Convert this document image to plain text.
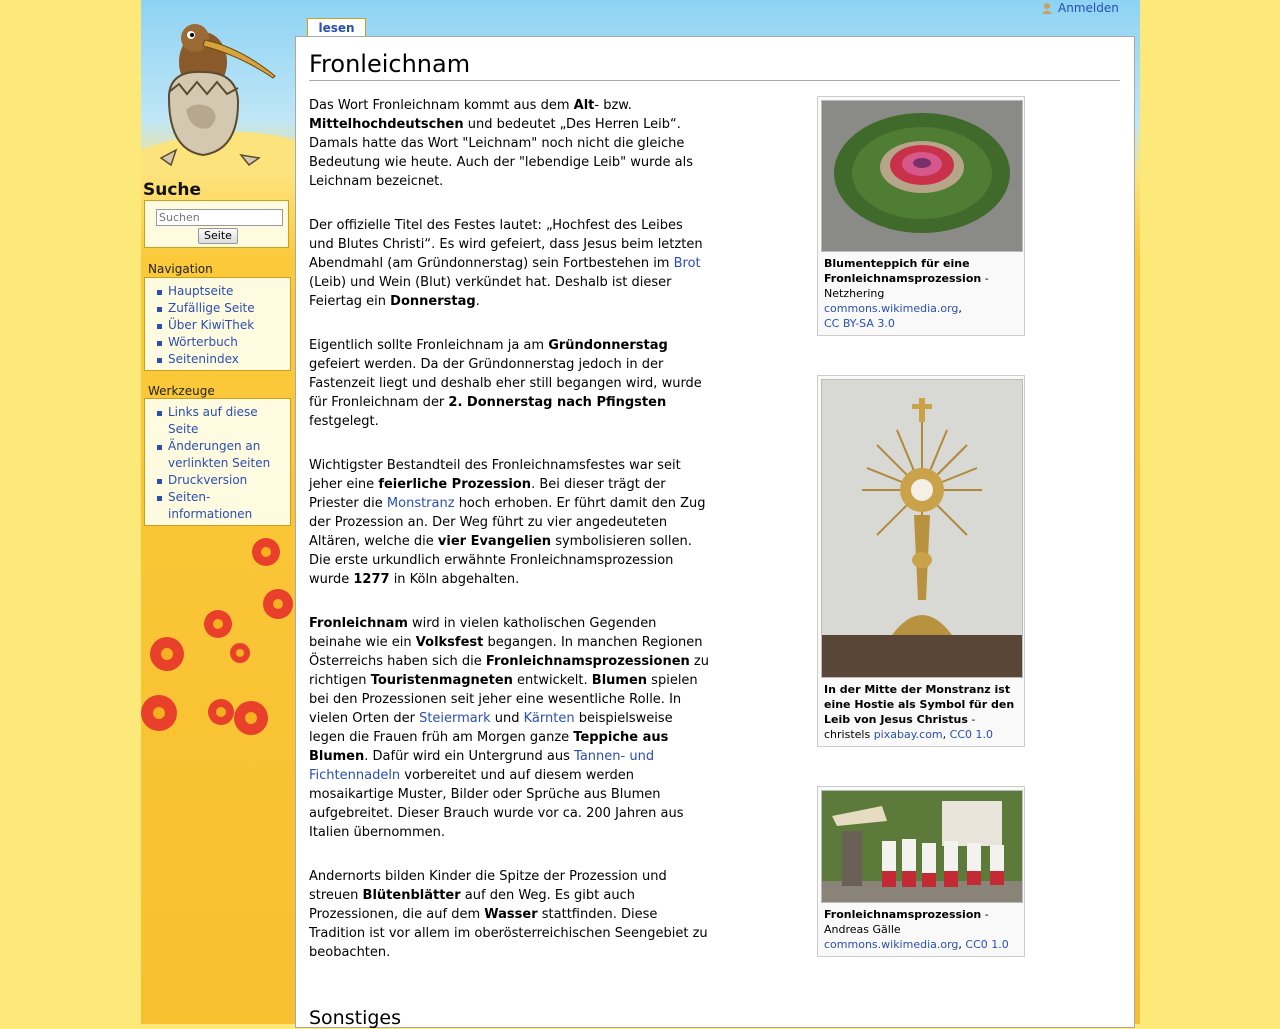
Suche
Suchen
Seite
Navigation
Hauptseite
Zufällige Seite
Über KiwiThek
Wörterbuch
Seitenindex
Werkzeuge
Links auf diese Seite
Änderungen an verlinkten Seiten
Druckversion
Seiten-informationen
lesen
Anmelden
Fronleichnam

Das Wort Fronleichnam kommt aus dem Alt- bzw. Mittelhochdeutschen und bedeutet „Des Herren Leib“. Damals hatte das Wort "Leichnam" noch nicht die gleiche Bedeutung wie heute. Auch der "lebendige Leib" wurde als Leichnam bezeicnet.

Der offizielle Titel des Festes lautet: „Hochfest des Leibes und Blutes Christi“. Es wird gefeiert, dass Jesus beim letzten Abendmahl (am Gründonnerstag) sein Fortbestehen im Brot (Leib) und Wein (Blut) verkündet hat. Deshalb ist dieser Feiertag ein Donnerstag.

Eigentlich sollte Fronleichnam ja am Gründonnerstag gefeiert werden. Da der Gründonnerstag jedoch in der Fastenzeit liegt und deshalb eher still begangen wird, wurde für Fronleichnam der 2. Donnerstag nach Pfingsten festgelegt.

Wichtigster Bestandteil des Fronleichnamsfestes war seit jeher eine feierliche Prozession. Bei dieser trägt der Priester die Monstranz hoch erhoben. Er führt damit den Zug der Prozession an. Der Weg führt zu vier angedeuteten Altären, welche die vier Evangelien symbolisieren sollen. Die erste urkundlich erwähnte Fronleichnamsprozession wurde 1277 in Köln abgehalten.

Fronleichnam wird in vielen katholischen Gegenden beinahe wie ein Volksfest begangen. In manchen Regionen Österreichs haben sich die Fronleichnamsprozessionen zu richtigen Touristenmagneten entwickelt. Blumen spielen bei den Prozessionen seit jeher eine wesentliche Rolle. In vielen Orten der Steiermark und Kärnten beispielsweise legen die Frauen früh am Morgen ganze Teppiche aus Blumen. Dafür wird ein Untergrund aus Tannen- und Fichtennadeln vorbereitet und auf diesem werden mosaikartige Muster, Bilder oder Sprüche aus Blumen aufgebreitet. Dieser Brauch wurde vor ca. 200 Jahren aus Italien übernommen.

Andernorts bilden Kinder die Spitze der Prozession und streuen Blütenblätter auf den Weg. Es gibt auch Prozessionen, die auf dem Wasser stattfinden. Diese Tradition ist vor allem im oberösterreichischen Seengebiet zu beobachten.

Sonstiges
Blumenteppich für eine Fronleichnamsprozession - Netzhering
commons.wikimedia.org,
CC BY-SA 3.0
In der Mitte der Monstranz ist eine Hostie als Symbol für den Leib von Jesus Christus - christels pixabay.com, CC0 1.0
Fronleichnamsprozession - Andreas Gälle
commons.wikimedia.org, CC0 1.0
